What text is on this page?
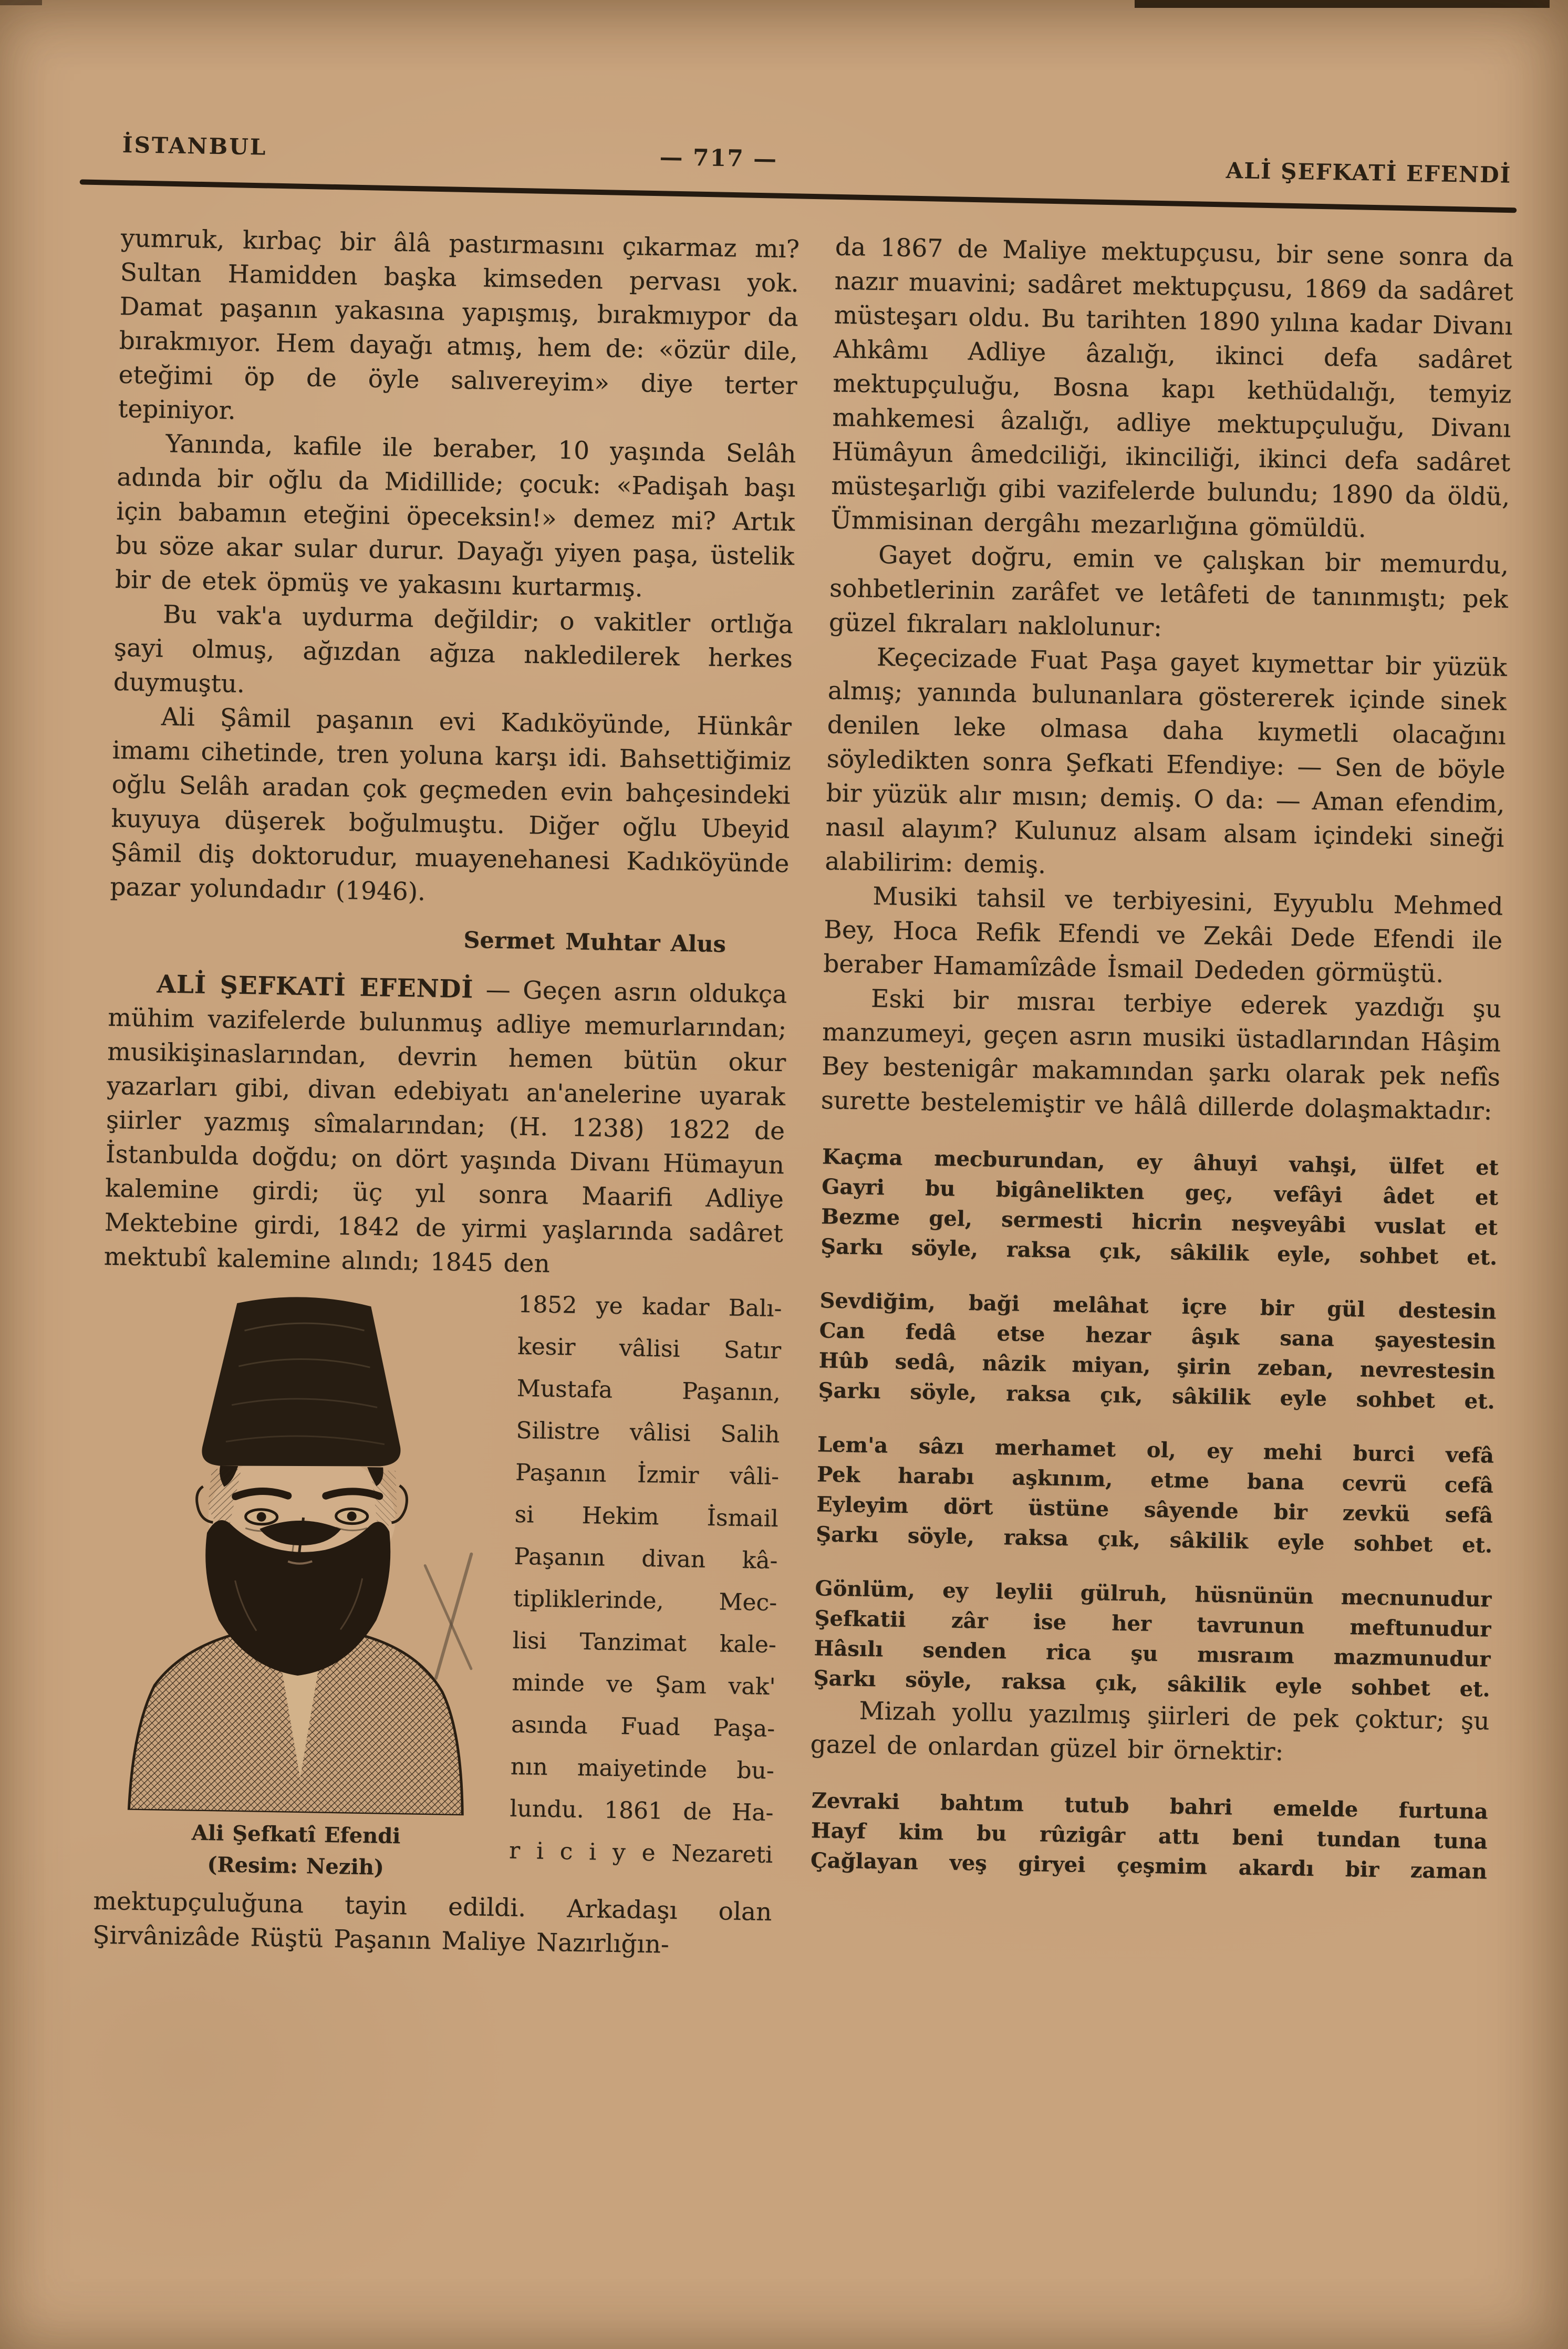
İSTANBUL	— 717 —	ALİ ŞEFKATİ EFENDİ

yumruk, kırbaç bir âlâ pastırmasını çıkarmaz mı? Sultan Hamidden başka kimseden pervası yok. Damat paşanın yakasına yapışmış, bırakmıypor da bırakmıyor. Hem dayağı atmış, hem de: «özür dile, eteğimi öp de öyle salıvereyim» diye terter tepiniyor.

Yanında, kafile ile beraber, 10 yaşında Selâh adında bir oğlu da Midillide; çocuk: «Padişah başı için babamın eteğini öpeceksin!» demez mi? Artık bu söze akar sular durur. Dayağı yiyen paşa, üstelik bir de etek öpmüş ve yakasını kurtarmış.

Bu vak'a uydurma değildir; o vakitler ortlığa şayi olmuş, ağızdan ağıza nakledilerek herkes duymuştu.

Ali Şâmil paşanın evi Kadıköyünde, Hünkâr imamı cihetinde, tren yoluna karşı idi. Bahsettiğimiz oğlu Selâh aradan çok geçmeden evin bahçesindeki kuyuya düşerek boğulmuştu. Diğer oğlu Ubeyid Şâmil diş doktorudur, muayenehanesi Kadıköyünde pazar yolundadır (1946).

Sermet Muhtar Alus

ALİ ŞEFKATİ EFENDİ — Geçen asrın oldukça mühim vazifelerde bulunmuş adliye memurlarından; musikişinaslarından, devrin hemen bütün okur yazarları gibi, divan edebiyatı an'anelerine uyarak şiirler yazmış sîmalarından; (H. 1238) 1822 de İstanbulda doğdu; on dört yaşında Divanı Hümayun kalemine girdi; üç yıl sonra Maarifi Adliye Mektebine girdi, 1842 de yirmi yaşlarında sadâret mektubî kalemine alındı; 1845 den

Ali Şefkatî Efendi
(Resim: Nezih)
1852 ye kadar Balı-
kesir vâlisi Satır
Mustafa Paşanın,
Silistre vâlisi Salih
Paşanın İzmir vâli-
si Hekim İsmail
Paşanın divan kâ-
tipliklerinde, Mec-
lisi Tanzimat kale-
minde ve Şam vak'
asında Fuad Paşa-
nın maiyetinde bu-
lundu. 1861 de Ha-
r i c i y e Nezareti

mektupçuluğuna tayin edildi. Arkadaşı olan Şirvânizâde Rüştü Paşanın Maliye Nazırlığın-

da 1867 de Maliye mektupçusu, bir sene sonra da nazır muavini; sadâret mektupçusu, 1869 da sadâret müsteşarı oldu. Bu tarihten 1890 yılına kadar Divanı Ahkâmı Adliye âzalığı, ikinci defa sadâret mektupçuluğu, Bosna kapı kethüdalığı, temyiz mahkemesi âzalığı, adliye mektupçuluğu, Divanı Hümâyun âmedciliği, ikinciliği, ikinci defa sadâret müsteşarlığı gibi vazifelerde bulundu; 1890 da öldü, Ümmisinan dergâhı mezarlığına gömüldü.

Gayet doğru, emin ve çalışkan bir memurdu, sohbetlerinin zarâfet ve letâfeti de tanınmıştı; pek güzel fıkraları naklolunur:

Keçecizade Fuat Paşa gayet kıymettar bir yüzük almış; yanında bulunanlara göstererek içinde sinek denilen leke olmasa daha kıymetli olacağını söyledikten sonra Şefkati Efendiye: — Sen de böyle bir yüzük alır mısın; demiş. O da: — Aman efendim, nasıl alayım? Kulunuz alsam alsam içindeki sineği alabilirim: demiş.

Musiki tahsil ve terbiyesini, Eyyublu Mehmed Bey, Hoca Refik Efendi ve Zekâi Dede Efendi ile beraber Hamamîzâde İsmail Dededen görmüştü.

Eski bir mısraı terbiye ederek yazdığı şu manzumeyi, geçen asrın musiki üstadlarından Hâşim Bey bestenigâr makamından şarkı olarak pek nefîs surette bestelemiştir ve hâlâ dillerde dolaşmaktadır:

Kaçma mecburundan, ey âhuyi vahşi, ülfet et
Gayri bu bigânelikten geç, vefâyi âdet et
Bezme gel, sermesti hicrin neşveyâbi vuslat et
Şarkı söyle, raksa çık, sâkilik eyle, sohbet et.
Sevdiğim, baği melâhat içre bir gül destesin
Can fedâ etse hezar âşık sana şayestesin
Hûb sedâ, nâzik miyan, şirin zeban, nevrestesin
Şarkı söyle, raksa çık, sâkilik eyle sohbet et.
Lem'a sâzı merhamet ol, ey mehi burci vefâ
Pek harabı aşkınım, etme bana cevrü cefâ
Eyleyim dört üstüne sâyende bir zevkü sefâ
Şarkı söyle, raksa çık, sâkilik eyle sohbet et.
Gönlüm, ey leylii gülruh, hüsnünün mecnunudur
Şefkatii zâr ise her tavrunun meftunudur
Hâsılı senden rica şu mısraım mazmunudur
Şarkı söyle, raksa çık, sâkilik eyle sohbet et.

Mizah yollu yazılmış şiirleri de pek çoktur; şu gazel de onlardan güzel bir örnektir:

Zevraki bahtım tutub bahri emelde furtuna
Hayf kim bu rûzigâr attı beni tundan tuna
Çağlayan veş giryei çeşmim akardı bir zaman
